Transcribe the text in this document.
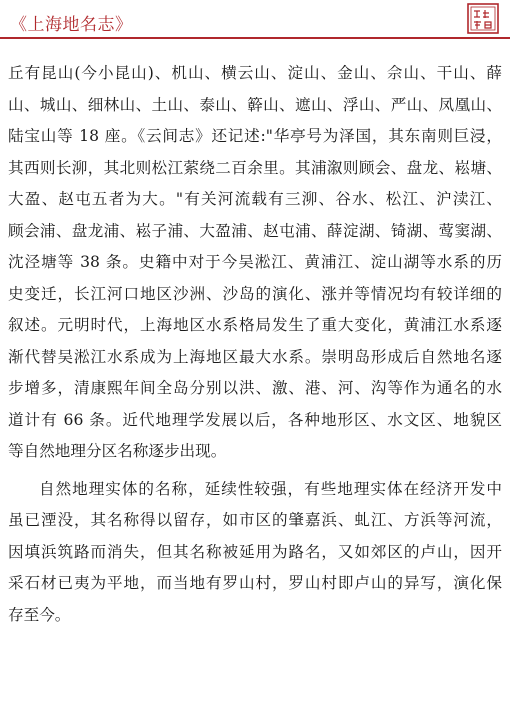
《上海地名志》
丘有昆山(今小昆山)、机山、横云山、淀山、金山、佘山、干山、薛
山、城山、细林山、土山、泰山、簳山、遮山、浮山、严山、凤凰山、
陆宝山等 18 座。《云间志》还记述:"华亭号为泽国，其东南则巨浸，
其西则长泖，其北则松江萦绕二百余里。其浦溆则顾会、盘龙、崧塘、
大盈、赵屯五者为大。"有关河流载有三泖、谷水、松江、沪渎江、
顾会浦、盘龙浦、崧子浦、大盈浦、赵屯浦、薛淀湖、锜湖、莺窦湖、
沈泾塘等 38 条。史籍中对于今吴淞江、黄浦江、淀山湖等水系的历
史变迁，长江河口地区沙洲、沙岛的演化、涨并等情况均有较详细的
叙述。元明时代，上海地区水系格局发生了重大变化，黄浦江水系逐
渐代替吴淞江水系成为上海地区最大水系。崇明岛形成后自然地名逐
步增多，清康熙年间全岛分别以洪、激、港、河、沟等作为通名的水
道计有 66 条。近代地理学发展以后，各种地形区、水文区、地貌区
等自然地理分区名称逐步出现。
自然地理实体的名称，延续性较强，有些地理实体在经济开发中
虽已湮没，其名称得以留存，如市区的肇嘉浜、虬江、方浜等河流，
因填浜筑路而消失，但其名称被延用为路名，又如郊区的卢山，因开
采石材已夷为平地，而当地有罗山村，罗山村即卢山的异写，演化保
存至今。
